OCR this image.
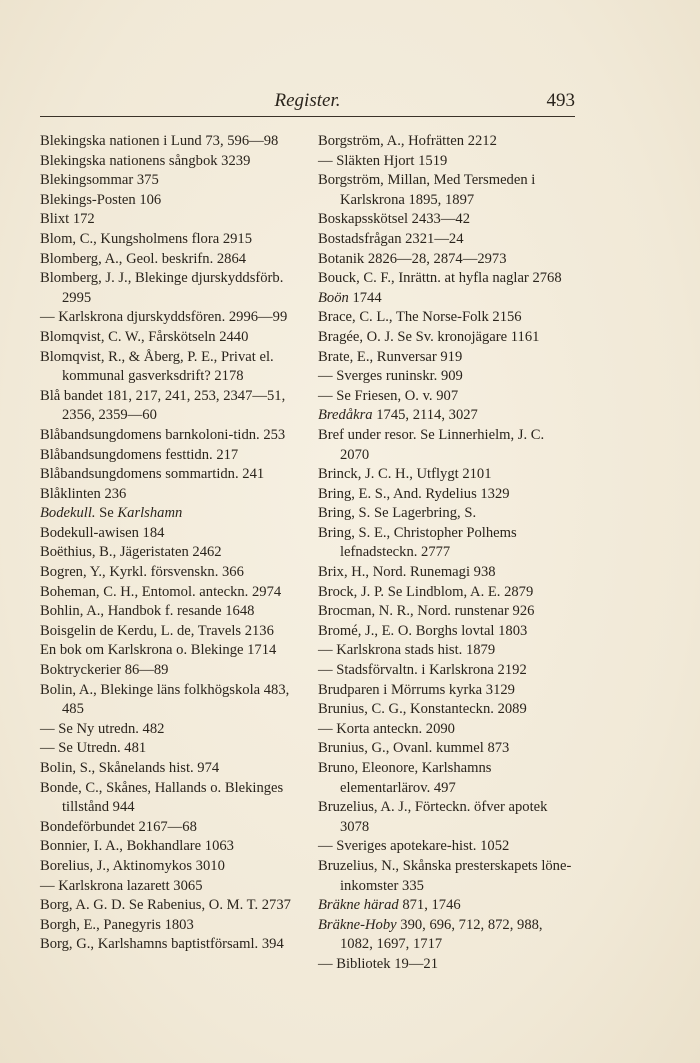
Register.	493

Blekingska nationen i Lund 73, 596—98

Blekingska nationens sångbok 3239

Blekingsommar 375

Blekings-Posten 106

Blixt 172

Blom, C., Kungsholmens flora 2915

Blomberg, A., Geol. beskrifn. 2864

Blomberg, J. J., Blekinge djurskyddsförb. 2995

— Karlskrona djurskyddsfören. 2996—99

Blomqvist, C. W., Fårskötseln 2440

Blomqvist, R., & Åberg, P. E., Privat el. kommunal gasverksdrift? 2178

Blå bandet 181, 217, 241, 253, 2347—51, 2356, 2359—60

Blåbandsungdomens barnkoloni-tidn. 253

Blåbandsungdomens festtidn. 217

Blåbandsungdomens sommartidn. 241

Blåklinten 236

Bodekull. Se Karlshamn

Bodekull-awisen 184

Boëthius, B., Jägeristaten 2462

Bogren, Y., Kyrkl. försvenskn. 366

Boheman, C. H., Entomol. anteckn. 2974

Bohlin, A., Handbok f. resande 1648

Boisgelin de Kerdu, L. de, Travels 2136

En bok om Karlskrona o. Blekinge 1714

Boktryckerier 86—89

Bolin, A., Blekinge läns folkhögskola 483, 485

— Se Ny utredn. 482

— Se Utredn. 481

Bolin, S., Skånelands hist. 974

Bonde, C., Skånes, Hallands o. Blekinges tillstånd 944

Bondeförbundet 2167—68

Bonnier, I. A., Bokhandlare 1063

Borelius, J., Aktinomykos 3010

— Karlskrona lazarett 3065

Borg, A. G. D. Se Rabenius, O. M. T. 2737

Borgh, E., Panegyris 1803

Borg, G., Karlshamns baptistförsaml. 394

Borgström, A., Hofrätten 2212

— Släkten Hjort 1519

Borgström, Millan, Med Tersmeden i Karlskrona 1895, 1897

Boskapsskötsel 2433—42

Bostadsfrågan 2321—24

Botanik 2826—28, 2874—2973

Bouck, C. F., Inrättn. at hyfla naglar 2768

Boön 1744

Brace, C. L., The Norse-Folk 2156

Bragée, O. J. Se Sv. kronojägare 1161

Brate, E., Runversar 919

— Sverges runinskr. 909

— Se Friesen, O. v. 907

Bredåkra 1745, 2114, 3027

Bref under resor. Se Linnerhielm, J. C. 2070

Brinck, J. C. H., Utflygt 2101

Bring, E. S., And. Rydelius 1329

Bring, S. Se Lagerbring, S.

Bring, S. E., Christopher Polhems lefnadsteckn. 2777

Brix, H., Nord. Runemagi 938

Brock, J. P. Se Lindblom, A. E. 2879

Brocman, N. R., Nord. runstenar 926

Bromé, J., E. O. Borghs lovtal 1803

— Karlskrona stads hist. 1879

— Stadsförvaltn. i Karlskrona 2192

Brudparen i Mörrums kyrka 3129

Brunius, C. G., Konstanteckn. 2089

— Korta anteckn. 2090

Brunius, G., Ovanl. kummel 873

Bruno, Eleonore, Karlshamns elementarlärov. 497

Bruzelius, A. J., Förteckn. öfver apotek 3078

— Sveriges apotekare-hist. 1052

Bruzelius, N., Skånska presterskapets löne-inkomster 335

Bräkne härad 871, 1746

Bräkne-Hoby 390, 696, 712, 872, 988, 1082, 1697, 1717

— Bibliotek 19—21
